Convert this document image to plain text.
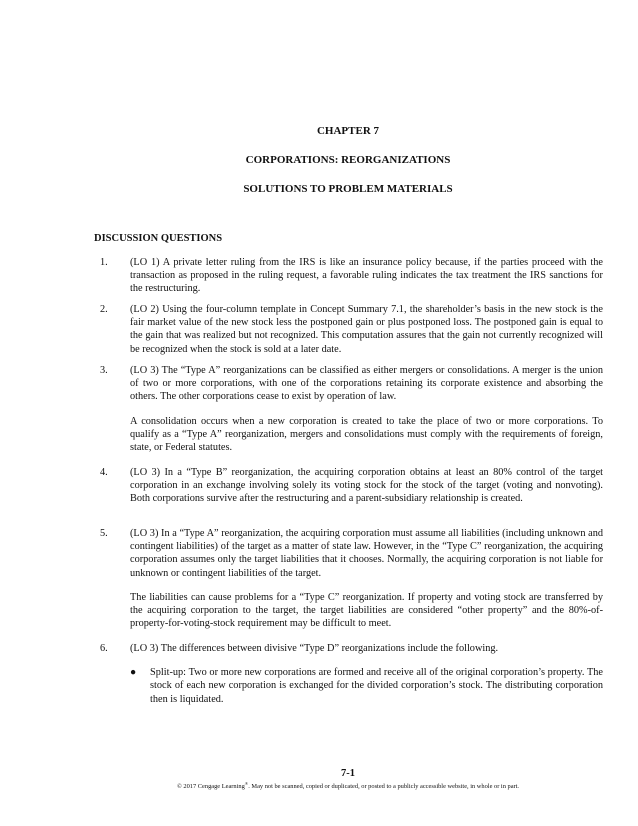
CHAPTER 7
CORPORATIONS: REORGANIZATIONS
SOLUTIONS TO PROBLEM MATERIALS
DISCUSSION QUESTIONS
1. (LO 1) A private letter ruling from the IRS is like an insurance policy because, if the parties proceed with the transaction as proposed in the ruling request, a favorable ruling indicates the tax treatment the IRS sanctions for the restructuring.

2. (LO 2) Using the four-column template in Concept Summary 7.1, the shareholder’s basis in the new stock is the fair market value of the new stock less the postponed gain or plus postponed loss. The postponed gain is equal to the gain that was realized but not recognized. This computation assures that the gain not currently recognized will be recognized when the stock is sold at a later date.

3. (LO 3) The “Type A” reorganizations can be classified as either mergers or consolidations. A merger is the union of two or more corporations, with one of the corporations retaining its corporate existence and absorbing the others. The other corporations cease to exist by operation of law.

A consolidation occurs when a new corporation is created to take the place of two or more corporations. To qualify as a “Type A” reorganization, mergers and consolidations must comply with the requirements of foreign, state, or Federal statutes.

4. (LO 3) In a “Type B” reorganization, the acquiring corporation obtains at least an 80% control of the target corporation in an exchange involving solely its voting stock for the stock of the target (voting and nonvoting). Both corporations survive after the restructuring and a parent-subsidiary relationship is created.

5. (LO 3) In a “Type A” reorganization, the acquiring corporation must assume all liabilities (including unknown and contingent liabilities) of the target as a matter of state law. However, in the “Type C” reorganization, the acquiring corporation assumes only the target liabilities that it chooses. Normally, the acquiring corporation is not liable for unknown or contingent liabilities of the target.

The liabilities can cause problems for a “Type C” reorganization. If property and voting stock are transferred by the acquiring corporation to the target, the target liabilities are considered “other property” and the 80%-of-property-for-voting-stock requirement may be difficult to meet.

6. (LO 3) The differences between divisive “Type D” reorganizations include the following.

● Split-up: Two or more new corporations are formed and receive all of the original corporation’s property. The stock of each new corporation is exchanged for the divided corporation’s stock. The distributing corporation then is liquidated.
7-1
© 2017 Cengage Learning®. May not be scanned, copied or duplicated, or posted to a publicly accessible website, in whole or in part.
